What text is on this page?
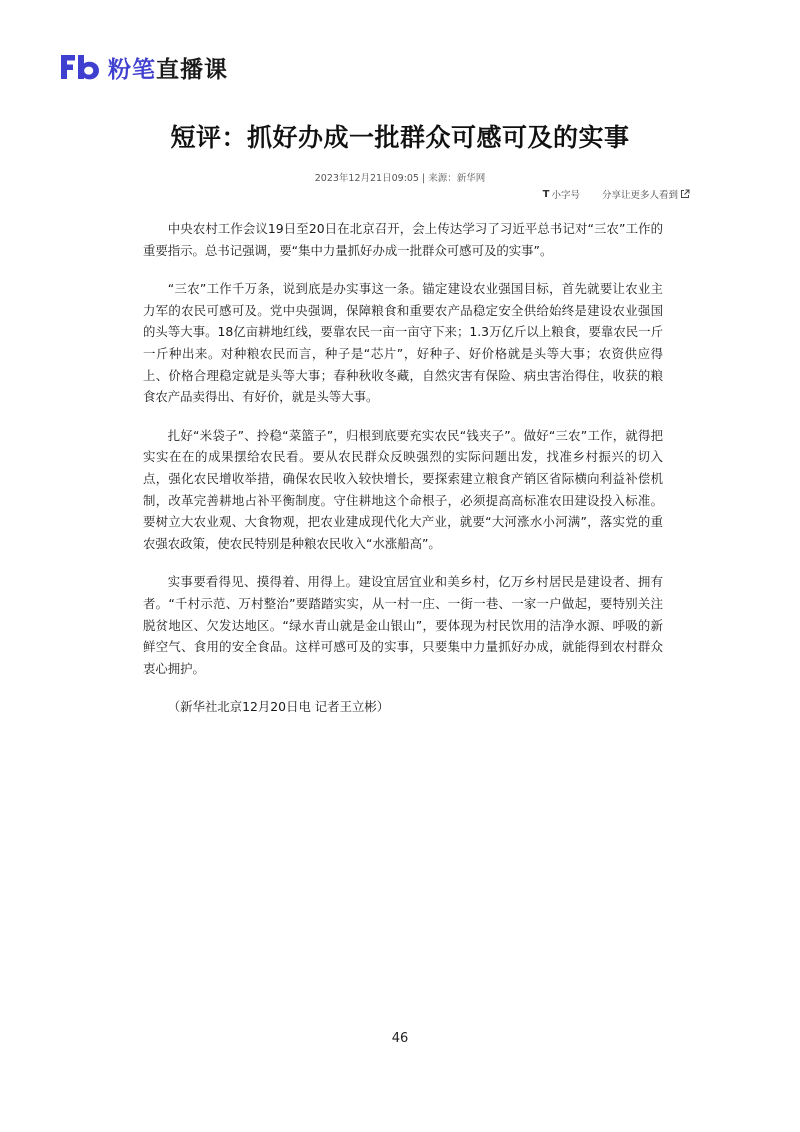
粉笔直播课
短评：抓好办成一批群众可感可及的实事
2023年12月21日09:05 | 来源：新华网
T 小字号 分享让更多人看到

中央农村工作会议19日至20日在北京召开，会上传达学习了习近平总书记对“三农”工作的重要指示。总书记强调，要“集中力量抓好办成一批群众可感可及的实事”。

“三农”工作千万条，说到底是办实事这一条。锚定建设农业强国目标，首先就要让农业主力军的农民可感可及。党中央强调，保障粮食和重要农产品稳定安全供给始终是建设农业强国的头等大事。18亿亩耕地红线，要靠农民一亩一亩守下来；1.3万亿斤以上粮食，要靠农民一斤一斤种出来。对种粮农民而言，种子是“芯片”，好种子、好价格就是头等大事；农资供应得上、价格合理稳定就是头等大事；春种秋收冬藏，自然灾害有保险、病虫害治得住，收获的粮食农产品卖得出、有好价，就是头等大事。

扎好“米袋子”、拎稳“菜篮子”，归根到底要充实农民“钱夹子”。做好“三农”工作，就得把实实在在的成果摆给农民看。要从农民群众反映强烈的实际问题出发，找准乡村振兴的切入点，强化农民增收举措，确保农民收入较快增长，要探索建立粮食产销区省际横向利益补偿机制，改革完善耕地占补平衡制度。守住耕地这个命根子，必须提高高标准农田建设投入标准。要树立大农业观、大食物观，把农业建成现代化大产业，就要“大河涨水小河满”，落实党的重农强农政策，使农民特别是种粮农民收入“水涨船高”。

实事要看得见、摸得着、用得上。建设宜居宜业和美乡村，亿万乡村居民是建设者、拥有者。“千村示范、万村整治”要踏踏实实，从一村一庄、一街一巷、一家一户做起，要特别关注脱贫地区、欠发达地区。“绿水青山就是金山银山”，要体现为村民饮用的洁净水源、呼吸的新鲜空气、食用的安全食品。这样可感可及的实事，只要集中力量抓好办成，就能得到农村群众衷心拥护。

（新华社北京12月20日电 记者王立彬）

46
